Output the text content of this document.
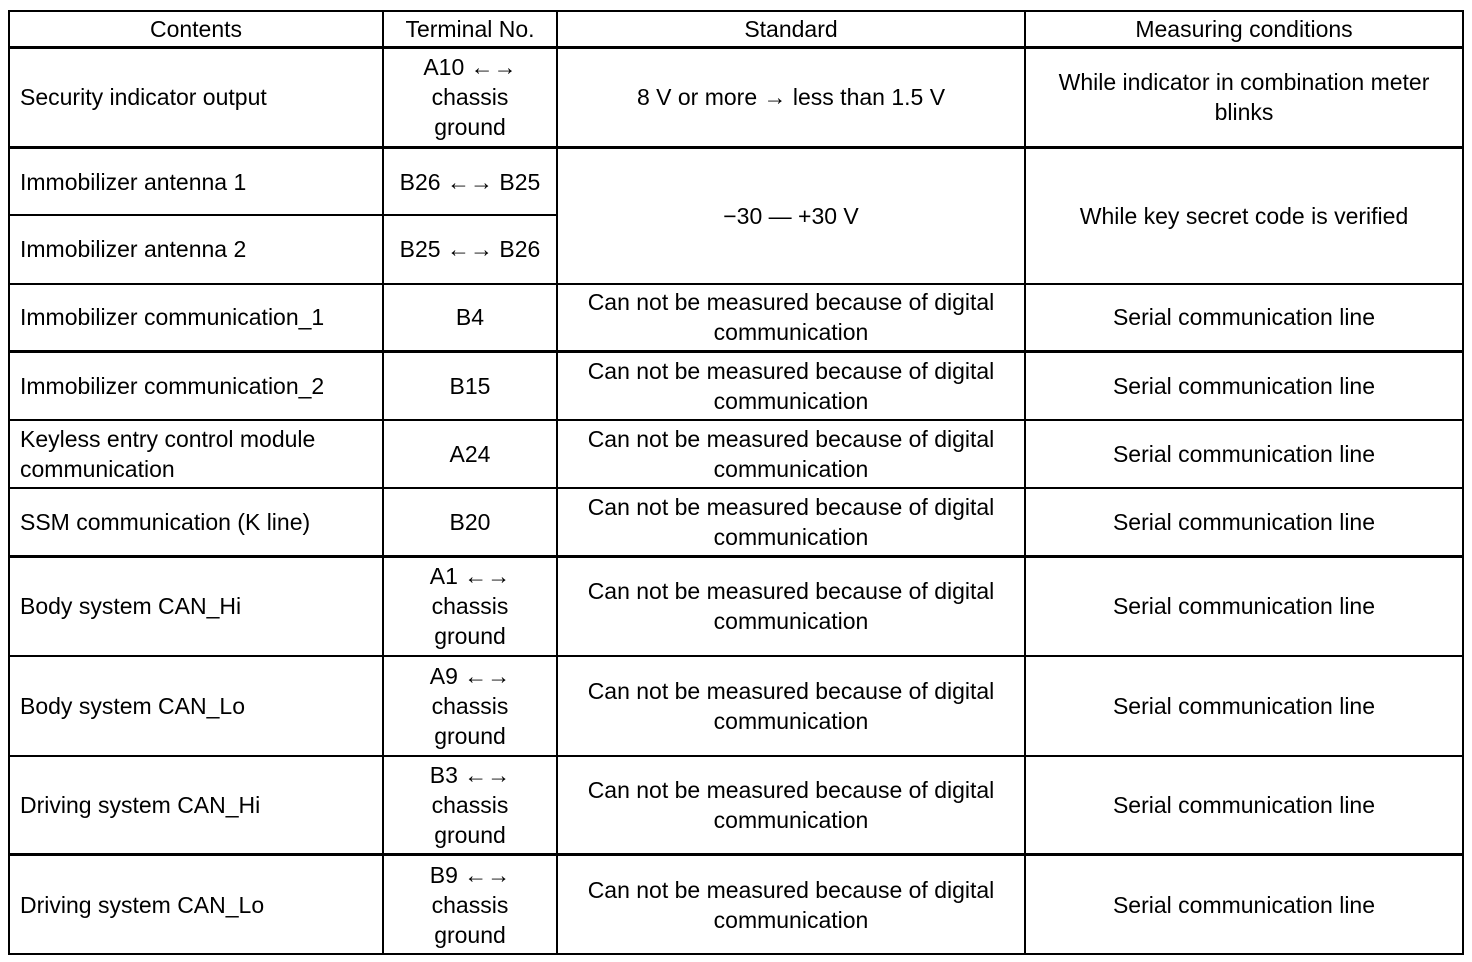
Contents	Terminal No.	Standard	Measuring conditions
Security indicator output	A10 ←→ chassis ground	8 V or more → less than 1.5 V	While indicator in combination meter blinks
Immobilizer antenna 1	B26 ←→ B25	−30 — +30 V	While key secret code is verified
Immobilizer antenna 2	B25 ←→ B26		
Immobilizer communication_1	B4	Can not be measured because of digital communication	Serial communication line
Immobilizer communication_2	B15	Can not be measured because of digital communication	Serial communication line
Keyless entry control module communication	A24	Can not be measured because of digital communication	Serial communication line
SSM communication (K line)	B20	Can not be measured because of digital communication	Serial communication line
Body system CAN_Hi	A1 ←→ chassis ground	Can not be measured because of digital communication	Serial communication line
Body system CAN_Lo	A9 ←→ chassis ground	Can not be measured because of digital communication	Serial communication line
Driving system CAN_Hi	B3 ←→ chassis ground	Can not be measured because of digital communication	Serial communication line
Driving system CAN_Lo	B9 ←→ chassis ground	Can not be measured because of digital communication	Serial communication line
